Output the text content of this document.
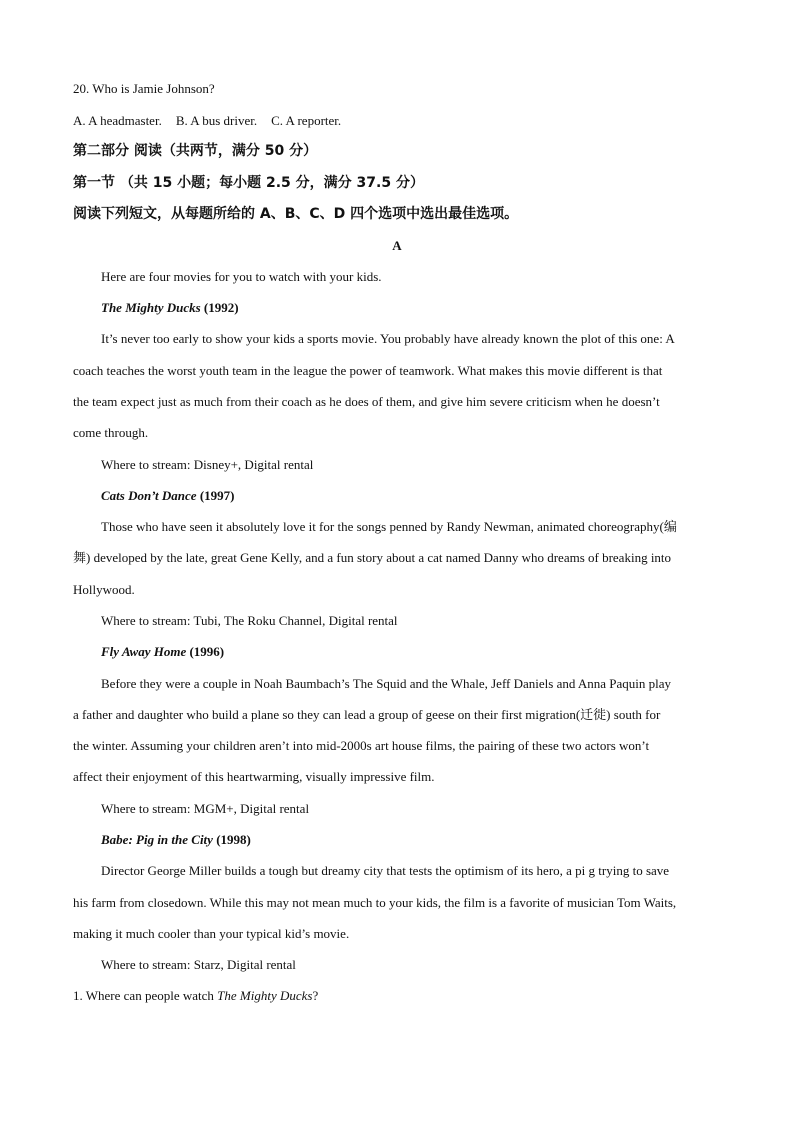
20. Who is Jamie Johnson?
A. A headmaster. B. A bus driver. C. A reporter.
第二部分 阅读（共两节，满分 50 分）
第一节 （共 15 小题；每小题 2.5 分，满分 37.5 分）
阅读下列短文，从每题所给的 A、B、C、D 四个选项中选出最佳选项。
A
Here are four movies for you to watch with your kids.
The Mighty Ducks (1992)
It’s never too early to show your kids a sports movie. You probably have already known the plot of this one: A
coach teaches the worst youth team in the league the power of teamwork. What makes this movie different is that
the team expect just as much from their coach as he does of them, and give him severe criticism when he doesn’t
come through.
Where to stream: Disney+, Digital rental
Cats Don’t Dance (1997)
Those who have seen it absolutely love it for the songs penned by Randy Newman, animated choreography(编
舞) developed by the late, great Gene Kelly, and a fun story about a cat named Danny who dreams of breaking into
Hollywood.
Where to stream: Tubi, The Roku Channel, Digital rental
Fly Away Home (1996)
Before they were a couple in Noah Baumbach’s The Squid and the Whale, Jeff Daniels and Anna Paquin play
a father and daughter who build a plane so they can lead a group of geese on their first migration(迁徙) south for
the winter. Assuming your children aren’t into mid-2000s art house films, the pairing of these two actors won’t
affect their enjoyment of this heartwarming, visually impressive film.
Where to stream: MGM+, Digital rental
Babe: Pig in the City (1998)
Director George Miller builds a tough but dreamy city that tests the optimism of its hero, a pi g trying to save
his farm from closedown. While this may not mean much to your kids, the film is a favorite of musician Tom Waits,
making it much cooler than your typical kid’s movie.
Where to stream: Starz, Digital rental
1. Where can people watch The Mighty Ducks?
